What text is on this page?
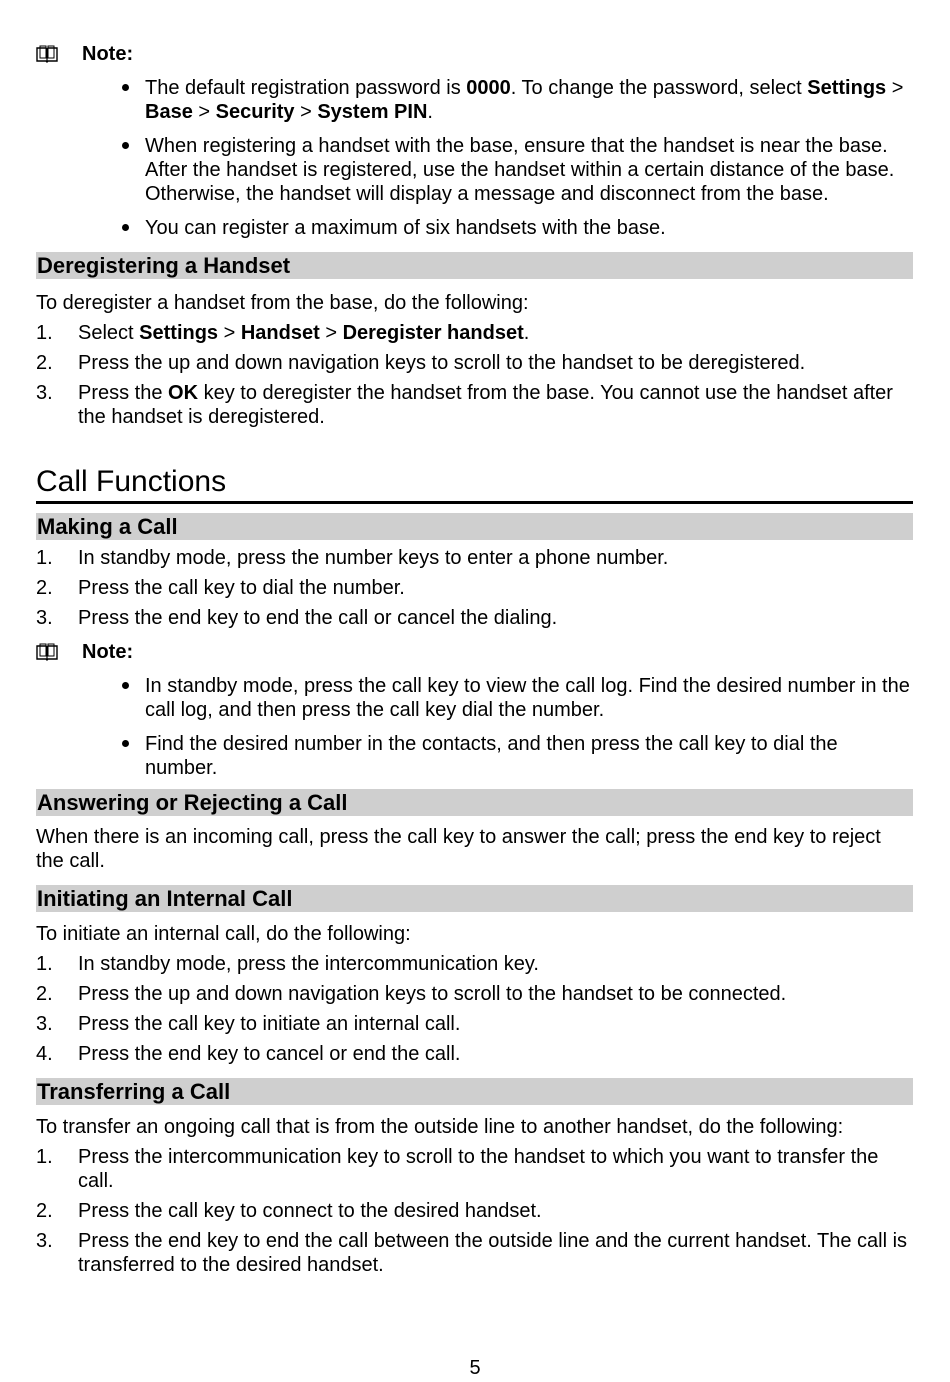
Note:
The default registration password is 0000. To change the password, select Settings > Base > Security > System PIN.
When registering a handset with the base, ensure that the handset is near the base. After the handset is registered, use the handset within a certain distance of the base. Otherwise, the handset will display a message and disconnect from the base.
You can register a maximum of six handsets with the base.
Deregistering a Handset
To deregister a handset from the base, do the following:
1.	Select Settings > Handset > Deregister handset.
2.	Press the up and down navigation keys to scroll to the handset to be deregistered.
3.	Press the OK key to deregister the handset from the base. You cannot use the handset after the handset is deregistered.
Call Functions
Making a Call
1.	In standby mode, press the number keys to enter a phone number.
2.	Press the call key to dial the number.
3.	Press the end key to end the call or cancel the dialing.
Note:
In standby mode, press the call key to view the call log. Find the desired number in the call log, and then press the call key dial the number.
Find the desired number in the contacts, and then press the call key to dial the number.
Answering or Rejecting a Call
When there is an incoming call, press the call key to answer the call; press the end key to reject the call.
Initiating an Internal Call
To initiate an internal call, do the following:
1.	In standby mode, press the intercommunication key.
2.	Press the up and down navigation keys to scroll to the handset to be connected.
3.	Press the call key to initiate an internal call.
4.	Press the end key to cancel or end the call.
Transferring a Call
To transfer an ongoing call that is from the outside line to another handset, do the following:
1.	Press the intercommunication key to scroll to the handset to which you want to transfer the call.
2.	Press the call key to connect to the desired handset.
3.	Press the end key to end the call between the outside line and the current handset. The call is transferred to the desired handset.
5
